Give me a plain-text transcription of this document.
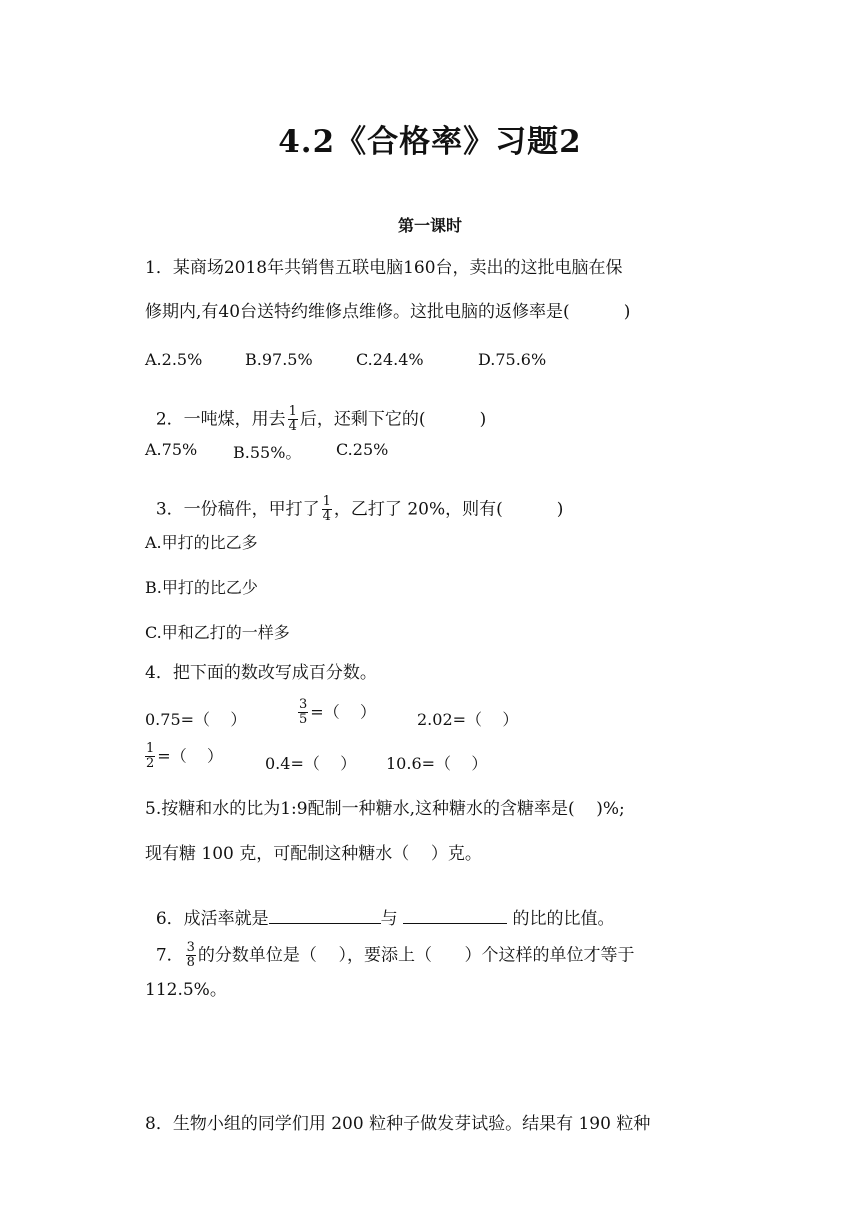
4.2《合格率》习题2
第一课时
1．某商场2018年共销售五联电脑160台，卖出的这批电脑在保
修期内,有40台送特约维修点维修。这批电脑的返修率是(          )
A.2.5%	B.97.5%	C.24.4%	D.75.6%

2．一吨煤，用去 $\frac{1}{4}$ 后，还剩下它的(          )

A.75% B.55%。 C.25%

3．一份稿件，甲打了 $\frac{1}{4}$ ，乙打了 20%，则有(          )

A.甲打的比乙多
B.甲打的比乙少
C.甲和乙打的一样多
4．把下面的数改写成百分数。
0.75=（    ）	$\frac{3}{5}$ =（    ）	2.02=（    ）
$\frac{1}{2}$ =（    ）	0.4=（    ） 10.6=（    ）
5.按糖和水的比为1:9配制一种糖水,这种糖水的含糖率是(    )%;
现有糖 100 克，可配制这种糖水（    ）克。

6．成活率就是	与	的比的比值。

7． $\frac{3}{8}$ 的分数单位是（    ），要添上（      ）个这样的单位才等于

112.5%。
8．生物小组的同学们用 200 粒种子做发芽试验。结果有 190 粒种
